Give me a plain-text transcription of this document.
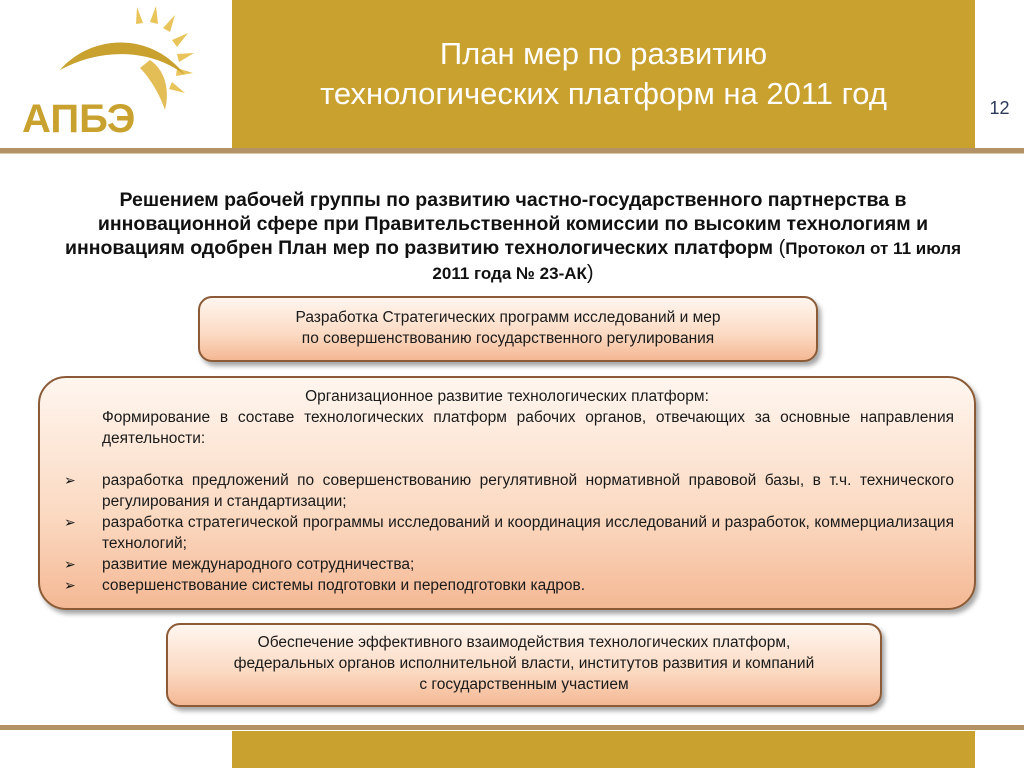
АПБЭ
План мер по развитию
технологических платформ на 2011 год	12
Решением рабочей группы по развитию частно-государственного партнерства в инновационной сфере при Правительственной комиссии по высоким технологиям и инновациям одобрен План мер по развитию технологических платформ (Протокол от 11 июля 2011 года № 23-АК)
Разработка Стратегических программ исследований и мер
по совершенствованию государственного регулирования
Организационное развитие технологических платформ:
Формирование в составе технологических платформ рабочих органов, отвечающих за основные направления деятельности:
➢ разработка предложений по совершенствованию регулятивной нормативной правовой базы, в т.ч. технического регулирования и стандартизации;
➢ разработка стратегической программы исследований и координация исследований и разработок, коммерциализация технологий;
➢ развитие международного сотрудничества;
➢ совершенствование системы подготовки и переподготовки кадров.
Обеспечение эффективного взаимодействия технологических платформ,
федеральных органов исполнительной власти, институтов развития и компаний
с государственным участием
